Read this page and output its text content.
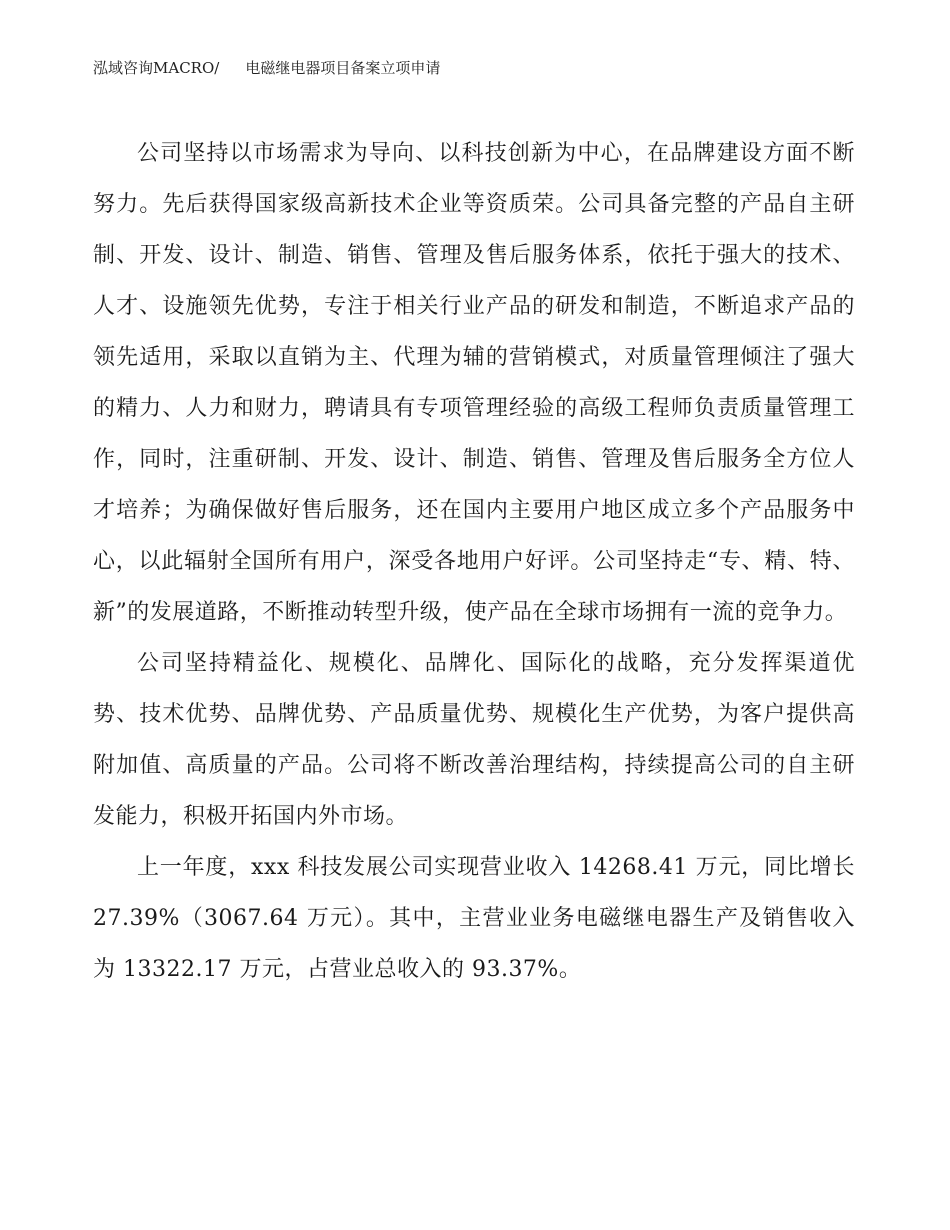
泓域咨询MACRO/ 电磁继电器项目备案立项申请

公司坚持以市场需求为导向、以科技创新为中心，在品牌建设方面不断努力。先后获得国家级高新技术企业等资质荣。公司具备完整的产品自主研制、开发、设计、制造、销售、管理及售后服务体系，依托于强大的技术、人才、设施领先优势，专注于相关行业产品的研发和制造，不断追求产品的领先适用，采取以直销为主、代理为辅的营销模式，对质量管理倾注了强大的精力、人力和财力，聘请具有专项管理经验的高级工程师负责质量管理工作，同时，注重研制、开发、设计、制造、销售、管理及售后服务全方位人才培养；为确保做好售后服务，还在国内主要用户地区成立多个产品服务中心，以此辐射全国所有用户，深受各地用户好评。公司坚持走“专、精、特、新”的发展道路，不断推动转型升级，使产品在全球市场拥有一流的竞争力。

公司坚持精益化、规模化、品牌化、国际化的战略，充分发挥渠道优势、技术优势、品牌优势、产品质量优势、规模化生产优势，为客户提供高附加值、高质量的产品。公司将不断改善治理结构，持续提高公司的自主研发能力，积极开拓国内外市场。

上一年度，xxx 科技发展公司实现营业收入 14268.41 万元，同比增长 27.39%（3067.64 万元）。其中，主营业业务电磁继电器生产及销售收入为 13322.17 万元，占营业总收入的 93.37%。
